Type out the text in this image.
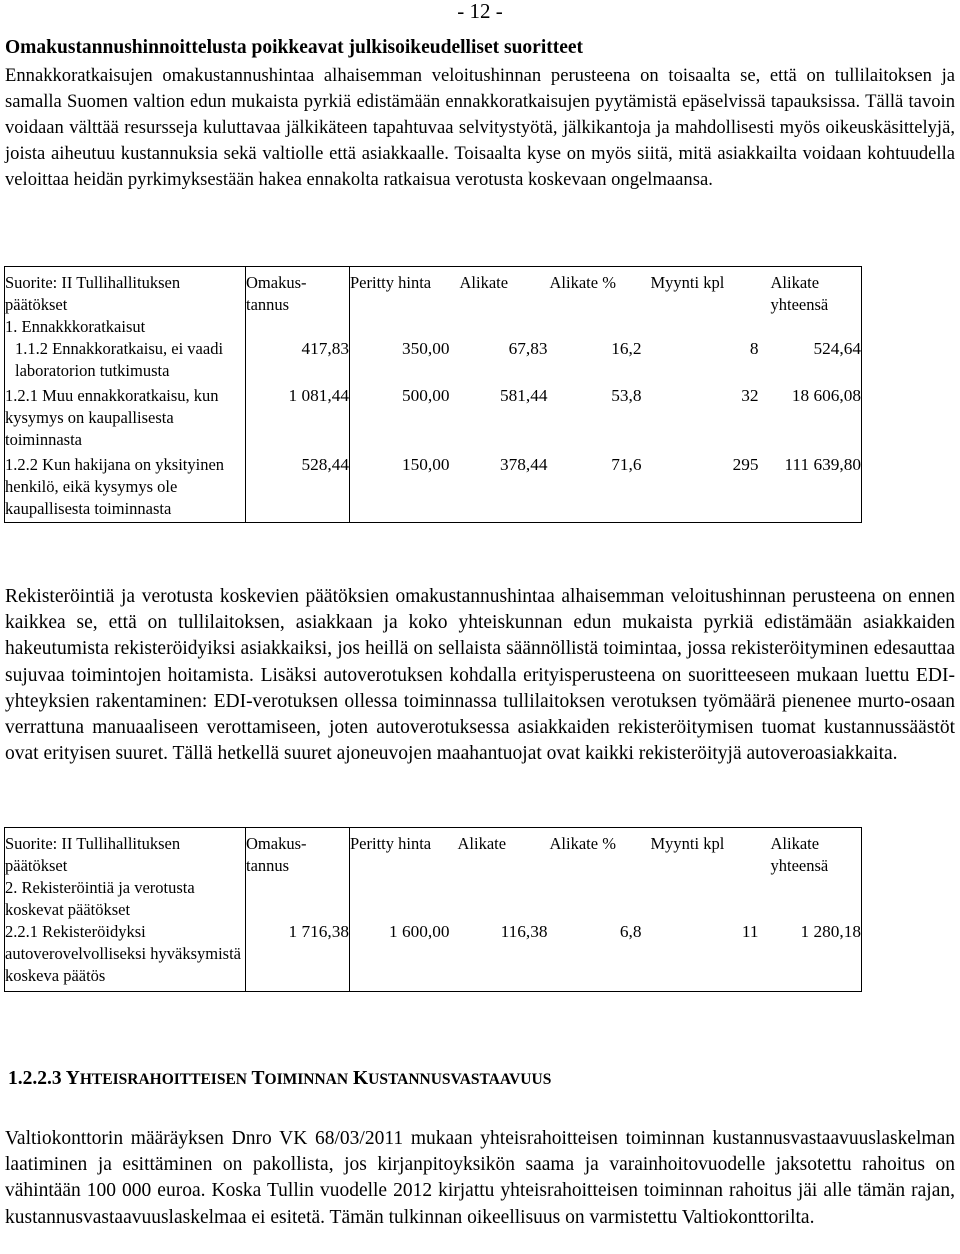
- 12 -
Omakustannushinnoittelusta poikkeavat julkisoikeudelliset suoritteet
Ennakkoratkaisujen omakustannushintaa alhaisemman veloitushinnan perusteena on toisaalta se, että on tullilaitoksen ja samalla Suomen valtion edun mukaista pyrkiä edistämään ennakkoratkaisujen pyytämistä epäselvissä tapauksissa. Tällä tavoin voidaan välttää resursseja kuluttavaa jälkikäteen tapahtuvaa selvitystyötä, jälkikantoja ja mahdollisesti myös oikeuskäsittelyjä, joista aiheutuu kustannuksia sekä valtiolle että asiakkaalle. Toisaalta kyse on myös siitä, mitä asiakkailta voidaan kohtuudella veloittaa heidän pyrkimyksestään hakea ennakolta ratkaisua verotusta koskevaan ongelmaansa.
Suorite: II Tullihallituksen päätökset	Omakus-tannus	Peritty hinta	Alikate	Alikate %	Myynti kpl	Alikate yhteensä
1. Ennakkkoratkaisut						
1.1.2 Ennakkoratkaisu, ei vaadi laboratorion tutkimusta	417,83	350,00	67,83	16,2	8	524,64

1.2.1 Muu ennakkoratkaisu, kun kysymys on kaupallisesta toiminnasta	1 081,44	500,00	581,44	53,8	32	18 606,08

1.2.2 Kun hakijana on yksityinen henkilö, eikä kysymys ole kaupallisesta toiminnasta	528,44	150,00	378,44	71,6	295	111 639,80
Rekisteröintiä ja verotusta koskevien päätöksien omakustannushintaa alhaisemman veloitushinnan perusteena on ennen kaikkea se, että on tullilaitoksen, asiakkaan ja koko yhteiskunnan edun mukaista pyrkiä edistämään asiakkaiden hakeutumista rekisteröidyiksi asiakkaiksi, jos heillä on sellaista säännöllistä toimintaa, jossa rekisteröityminen edesauttaa sujuvaa toimintojen hoitamista. Lisäksi autoverotuksen kohdalla erityisperusteena on suoritteeseen mukaan luettu EDI-yhteyksien rakentaminen: EDI-verotuksen ollessa toiminnassa tullilaitoksen verotuksen työmäärä pienenee murto-osaan verrattuna manuaaliseen verottamiseen, joten autoverotuksessa asiakkaiden rekisteröitymisen tuomat kustannussäästöt ovat erityisen suuret. Tällä hetkellä suuret ajoneuvojen maahantuojat ovat kaikki rekisteröityjä autoveroasiakkaita.
Suorite: II Tullihallituksen päätökset	Omakus-tannus	Peritty hinta	Alikate	Alikate %	Myynti kpl	Alikate yhteensä
2. Rekisteröintiä ja verotusta koskevat päätökset						
2.2.1 Rekisteröidyksi autoverovelvolliseksi hyväksymistä koskeva päätös	1 716,38	1 600,00	116,38	6,8	11	1 280,18
1.2.2.3 YHTEISRAHOITTEISEN TOIMINNAN KUSTANNUSVASTAAVUUS
Valtiokonttorin määräyksen Dnro VK 68/03/2011 mukaan yhteisrahoitteisen toiminnan kustannusvastaavuuslaskelman laatiminen ja esittäminen on pakollista, jos kirjanpitoyksikön saama ja varainhoitovuodelle jaksotettu rahoitus on vähintään 100 000 euroa. Koska Tullin vuodelle 2012 kirjattu yhteisrahoitteisen toiminnan rahoitus jäi alle tämän rajan, kustannusvastaavuuslaskelmaa ei esitetä. Tämän tulkinnan oikeellisuus on varmistettu Valtiokonttorilta.
